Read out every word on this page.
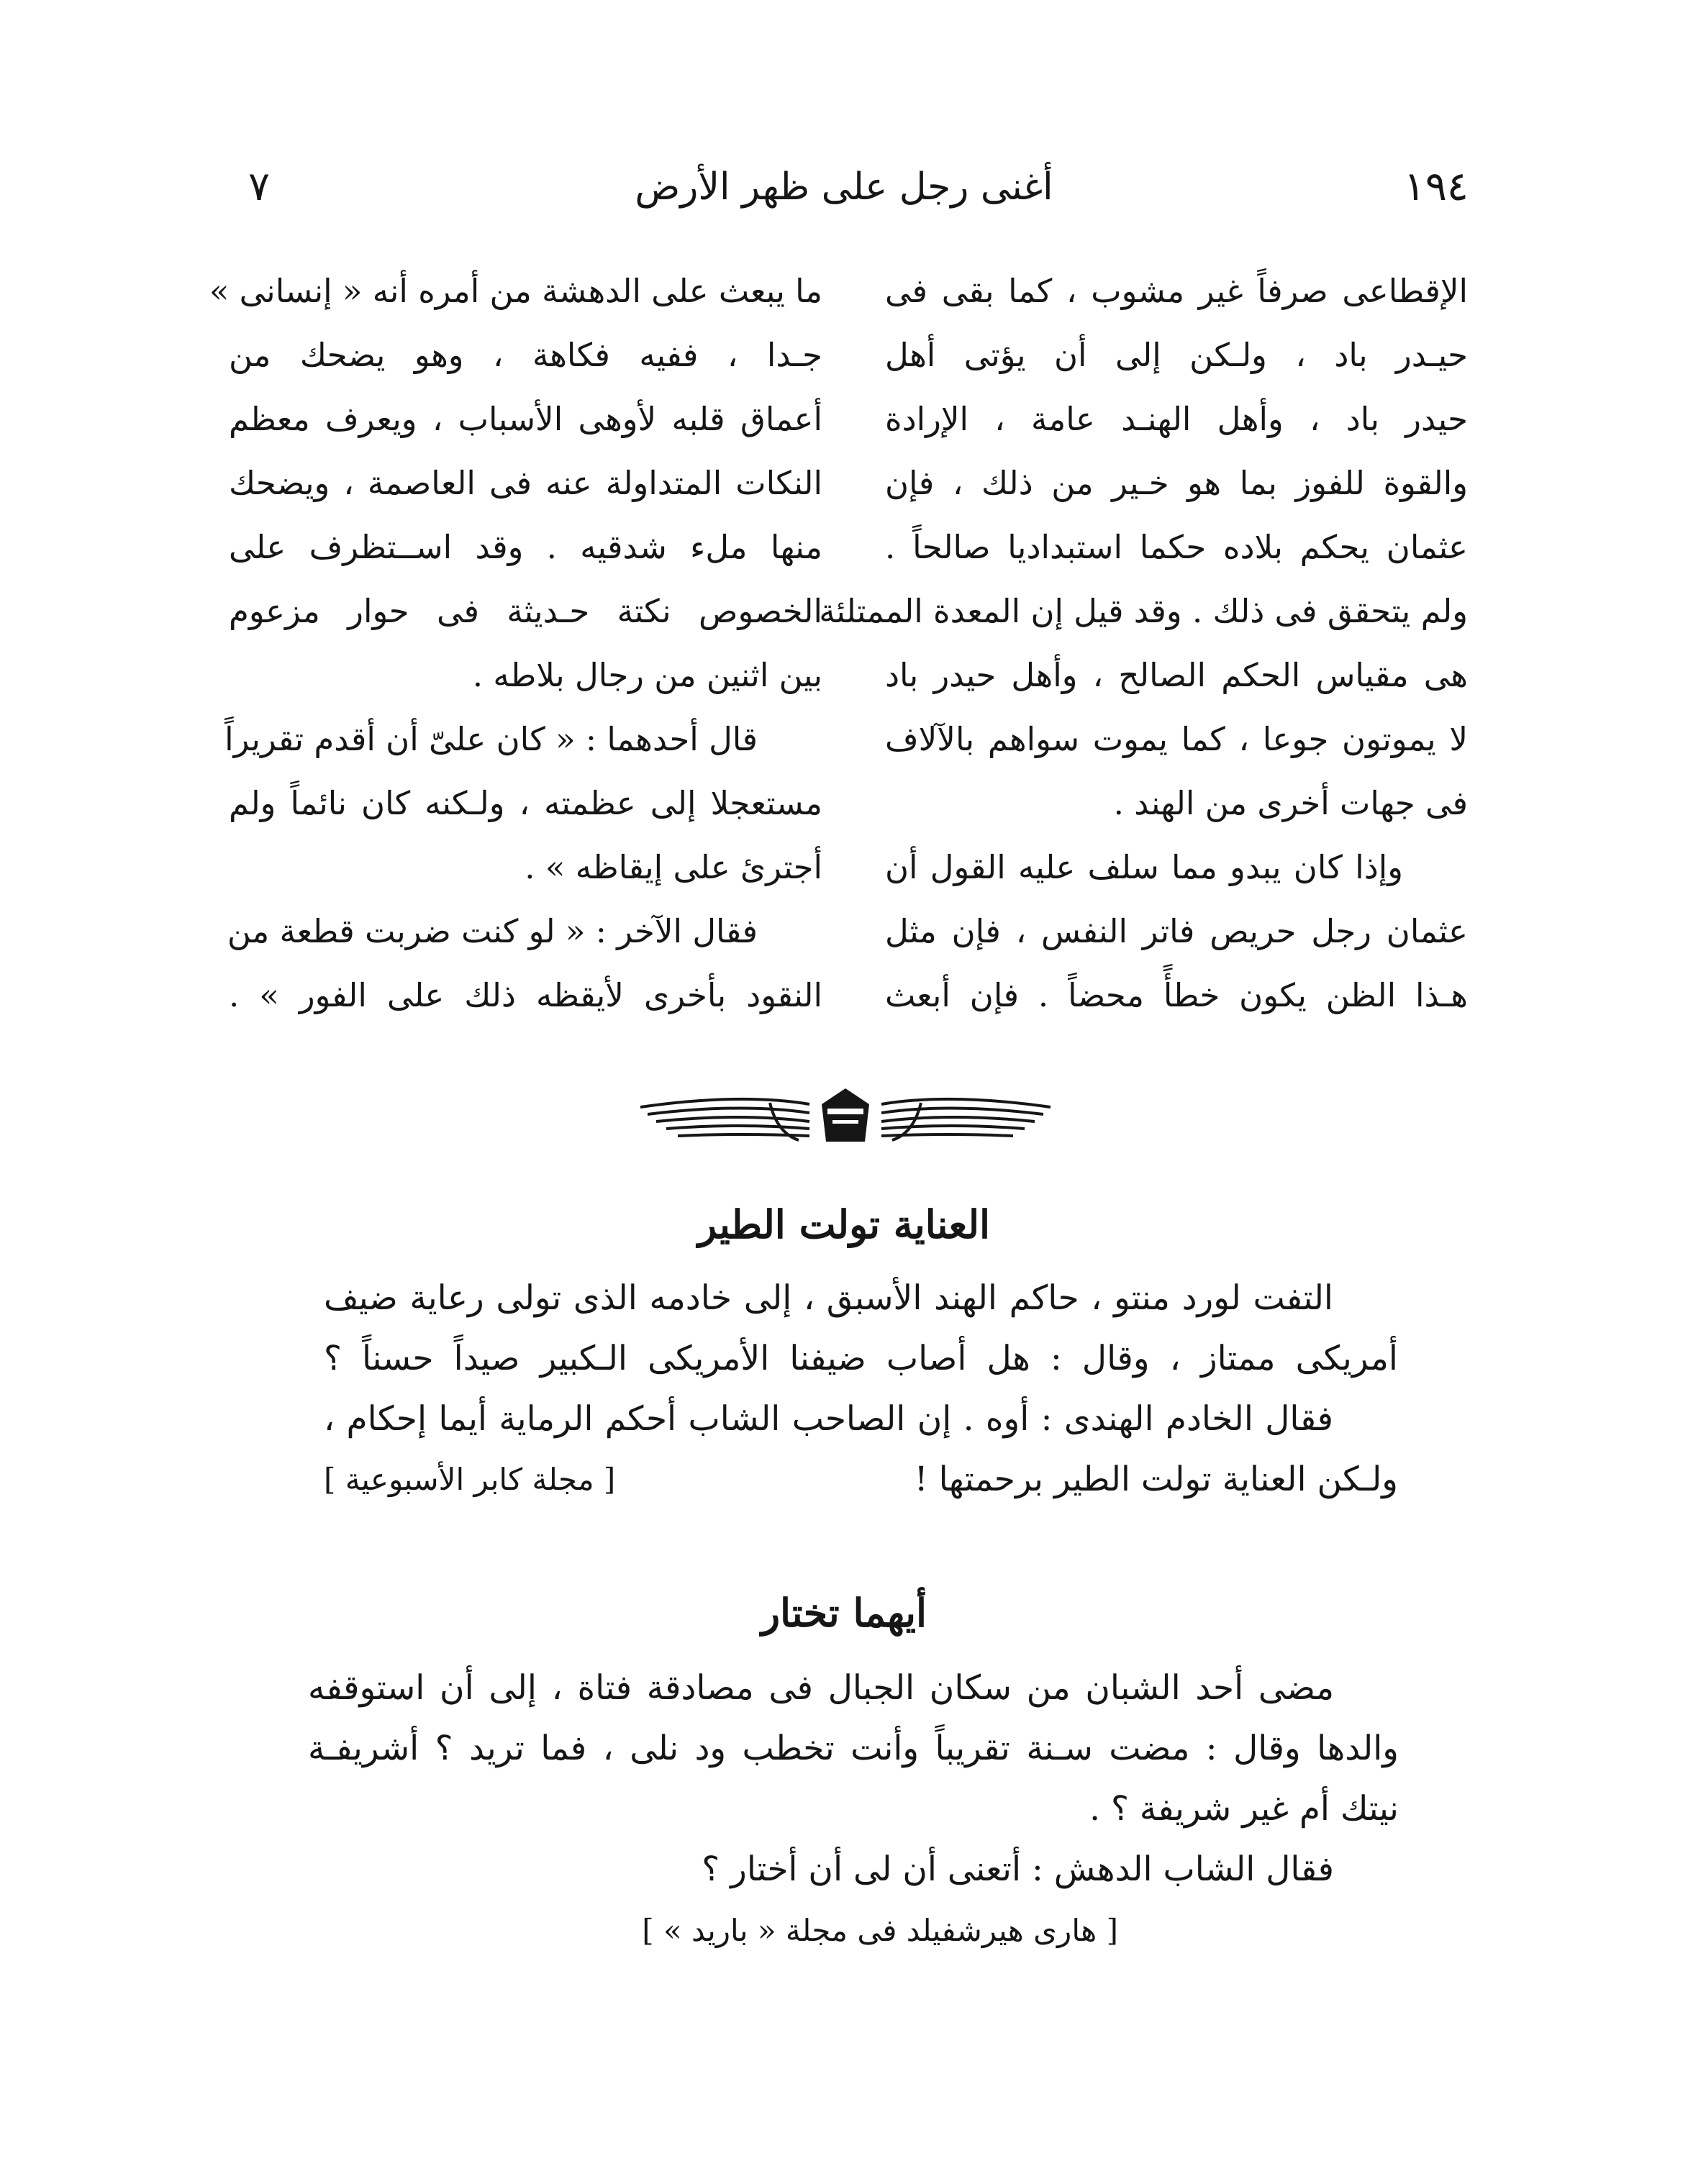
٧	أغنى رجل على ظهر الأرض	١٩٤
الإقطاعى صرفاً غير مشوب ، كما بقى فى
حيـدر باد ، ولـكن إلى أن يؤتى أهل
حيدر باد ، وأهل الهنـد عامة ، الإرادة
والقوة للفوز بما هو خـير من ذلك ، فإن
عثمان يحكم بلاده حكما استبداديا صالحاً .
ولم يتحقق فى ذلك . وقد قيل إن المعدة الممتلئة
هى مقياس الحكم الصالح ، وأهل حيدر باد
لا يموتون جوعا ، كما يموت سواهم بالآلاف
فى جهات أخرى من الهند .
وإذا كان يبدو مما سلف عليه القول أن
عثمان رجل حريص فاتر النفس ، فإن مثل
هـذا الظن يكون خطأً محضاً . فإن أبعث
ما يبعث على الدهشة من أمره أنه « إنسانى »
جـدا ، ففيه فكاهة ، وهو يضحك من
أعماق قلبه لأوهى الأسباب ، ويعرف معظم
النكات المتداولة عنه فى العاصمة ، ويضحك
منها ملء شدقيه . وقد اســتظرف على
الخصوص نكتة حـديثة فى حوار مزعوم
بين اثنين من رجال بلاطه .
قال أحدهما : « كان علىّ أن أقدم تقريراً
مستعجلا إلى عظمته ، ولـكنه كان نائماً ولم
أجترئ على إيقاظه » .
فقال الآخر : « لو كنت ضربت قطعة من
النقود بأخرى لأيقظه ذلك على الفور » .
العناية تولت الطير
التفت لورد منتو ، حاكم الهند الأسبق ، إلى خادمه الذى تولى رعاية ضيف
أمريكى ممتاز ، وقال : هل أصاب ضيفنا الأمريكى الـكبير صيداً حسناً ؟
فقال الخادم الهندى : أوه . إن الصاحب الشاب أحكم الرماية أيما إحكام ،
ولـكن العناية تولت الطير برحمتها !
[ مجلة كابر الأسبوعية ]
أيهما تختار
مضى أحد الشبان من سكان الجبال فى مصادقة فتاة ، إلى أن استوقفه
والدها وقال : مضت سـنة تقريباً وأنت تخطب ود نلى ، فما تريد ؟ أشريفـة
نيتك أم غير شريفة ؟ .
فقال الشاب الدهش : أتعنى أن لى أن أختار ؟
[ هارى هيرشفيلد فى مجلة « باريد » ]
